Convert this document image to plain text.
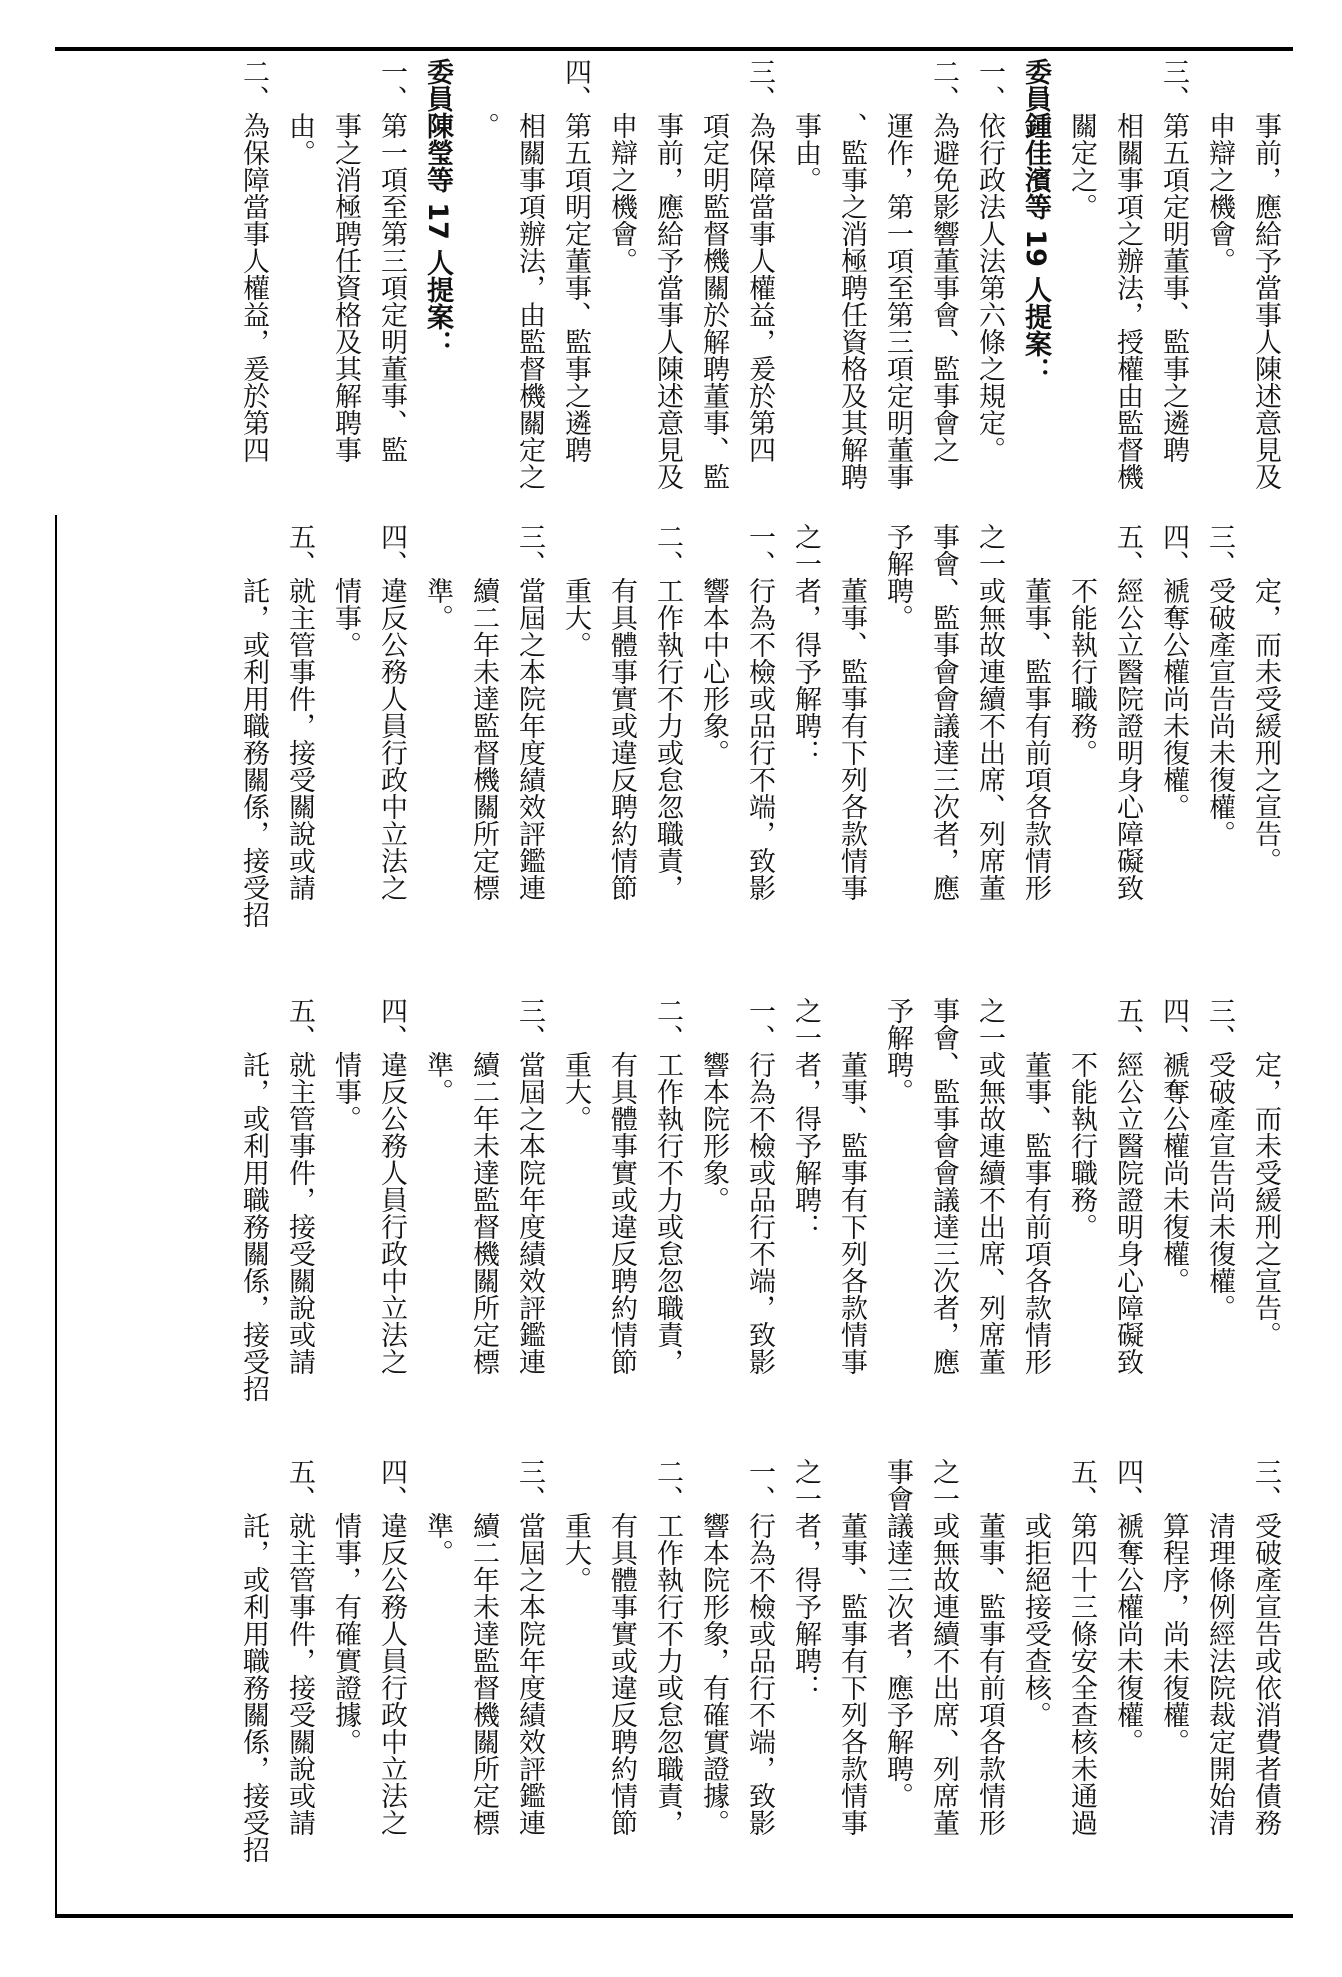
三、受破產宣告或依消費者債務

　　清理條例經法院裁定開始清

　　算程序，尚未復權。

四、褫奪公權尚未復權。

五、第四十三條安全查核未通過

　　或拒絕接受查核。

　　董事、監事有前項各款情形

之一或無故連續不出席、列席董

事會議達三次者，應予解聘。

　　董事、監事有下列各款情事

之一者，得予解聘：

一、行為不檢或品行不端，致影

　　響本院形象，有確實證據。

二、工作執行不力或怠忽職責，

　　有具體事實或違反聘約情節

　　重大。

三、當屆之本院年度績效評鑑連

　　續二年未達監督機關所定標

　　準。

四、違反公務人員行政中立法之

　　情事，有確實證據。

五、就主管事件，接受關說或請

　　託，或利用職務關係，接受招

　　定，而未受緩刑之宣告。

三、受破產宣告尚未復權。

四、褫奪公權尚未復權。

五、經公立醫院證明身心障礙致

　　不能執行職務。

　　董事、監事有前項各款情形

之一或無故連續不出席、列席董

事會、監事會會議達三次者，應

予解聘。

　　董事、監事有下列各款情事

之一者，得予解聘：

一、行為不檢或品行不端，致影

　　響本院形象。

二、工作執行不力或怠忽職責，

　　有具體事實或違反聘約情節

　　重大。

三、當屆之本院年度績效評鑑連

　　續二年未達監督機關所定標

　　準。

四、違反公務人員行政中立法之

　　情事。

五、就主管事件，接受關說或請

　　託，或利用職務關係，接受招

　　定，而未受緩刑之宣告。

三、受破產宣告尚未復權。

四、褫奪公權尚未復權。

五、經公立醫院證明身心障礙致

　　不能執行職務。

　　董事、監事有前項各款情形

之一或無故連續不出席、列席董

事會、監事會會議達三次者，應

予解聘。

　　董事、監事有下列各款情事

之一者，得予解聘：

一、行為不檢或品行不端，致影

　　響本中心形象。

二、工作執行不力或怠忽職責，

　　有具體事實或違反聘約情節

　　重大。

三、當屆之本院年度績效評鑑連

　　續二年未達監督機關所定標

　　準。

四、違反公務人員行政中立法之

　　情事。

五、就主管事件，接受關說或請

　　託，或利用職務關係，接受招

　　事前，應給予當事人陳述意見及

　　申辯之機會。

三、第五項定明董事、監事之遴聘

　　相關事項之辦法，授權由監督機

　　關定之。

委員鍾佳濱等 19 人提案：

一、依行政法人法第六條之規定。

二、為避免影響董事會、監事會之

　　運作，第一項至第三項定明董事

　　、監事之消極聘任資格及其解聘

　　事由。

三、為保障當事人權益，爰於第四

　　項定明監督機關於解聘董事、監

　　事前，應給予當事人陳述意見及

　　申辯之機會。

四、第五項明定董事、監事之遴聘

　　相關事項辦法，由監督機關定之

　　。

委員陳瑩等 17 人提案：

一、第一項至第三項定明董事、監

　　事之消極聘任資格及其解聘事

　　由。

二、為保障當事人權益，爰於第四
